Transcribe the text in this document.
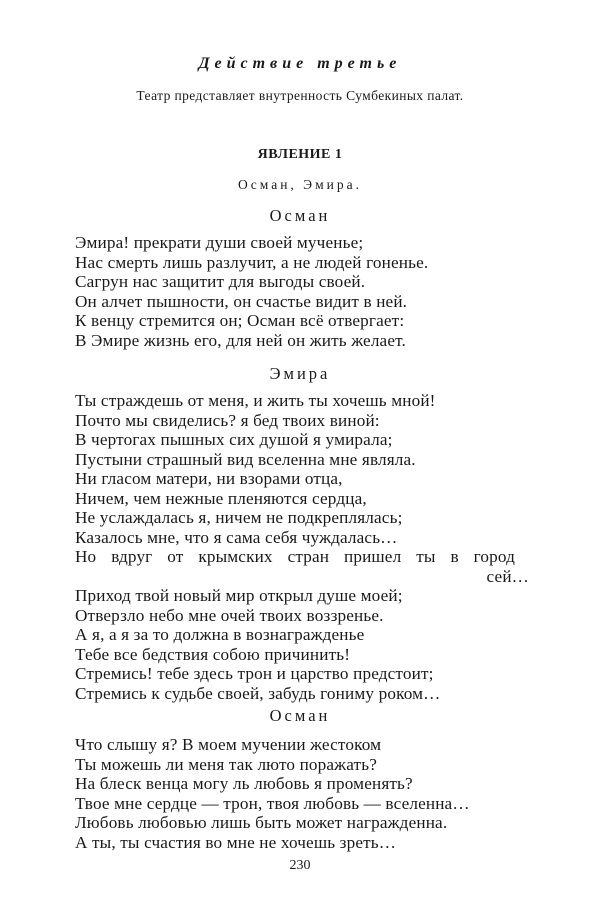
Действие третье
Театр представляет внутренность Сумбекиных палат.
ЯВЛЕНИЕ 1
Осман, Эмира.
Осман
Эмира! прекрати души своей мученье;
Нас смерть лишь разлучит, а не людей гоненье.
Сагрун нас защитит для выгоды своей.
Он алчет пышности, он счастье видит в ней.
К венцу стремится он; Осман всё отвергает:
В Эмире жизнь его, для ней он жить желает.
Эмира
Ты страждешь от меня, и жить ты хочешь мной!
Почто мы свиделись? я бед твоих виной:
В чертогах пышных сих душой я умирала;
Пустыни страшный вид вселенна мне являла.
Ни гласом матери, ни взорами отца,
Ничем, чем нежные пленяются сердца,
Не услаждалась я, ничем не подкреплялась;
Казалось мне, что я сама себя чуждалась…
Но вдруг от крымских стран пришел ты в город
сей…
Приход твой новый мир открыл душе моей;
Отверзло небо мне очей твоих воззренье.
А я, а я за то должна в вознагражденье
Тебе все бедствия собою причинить!
Стремись! тебе здесь трон и царство предстоит;
Стремись к судьбе своей, забудь гониму роком…
Осман
Что слышу я? В моем мучении жестоком
Ты можешь ли меня так люто поражать?
На блеск венца могу ль любовь я променять?
Твое мне сердце — трон, твоя любовь — вселенна…
Любовь любовью лишь быть может награжденна.
А ты, ты счастия во мне не хочешь зреть…
230
